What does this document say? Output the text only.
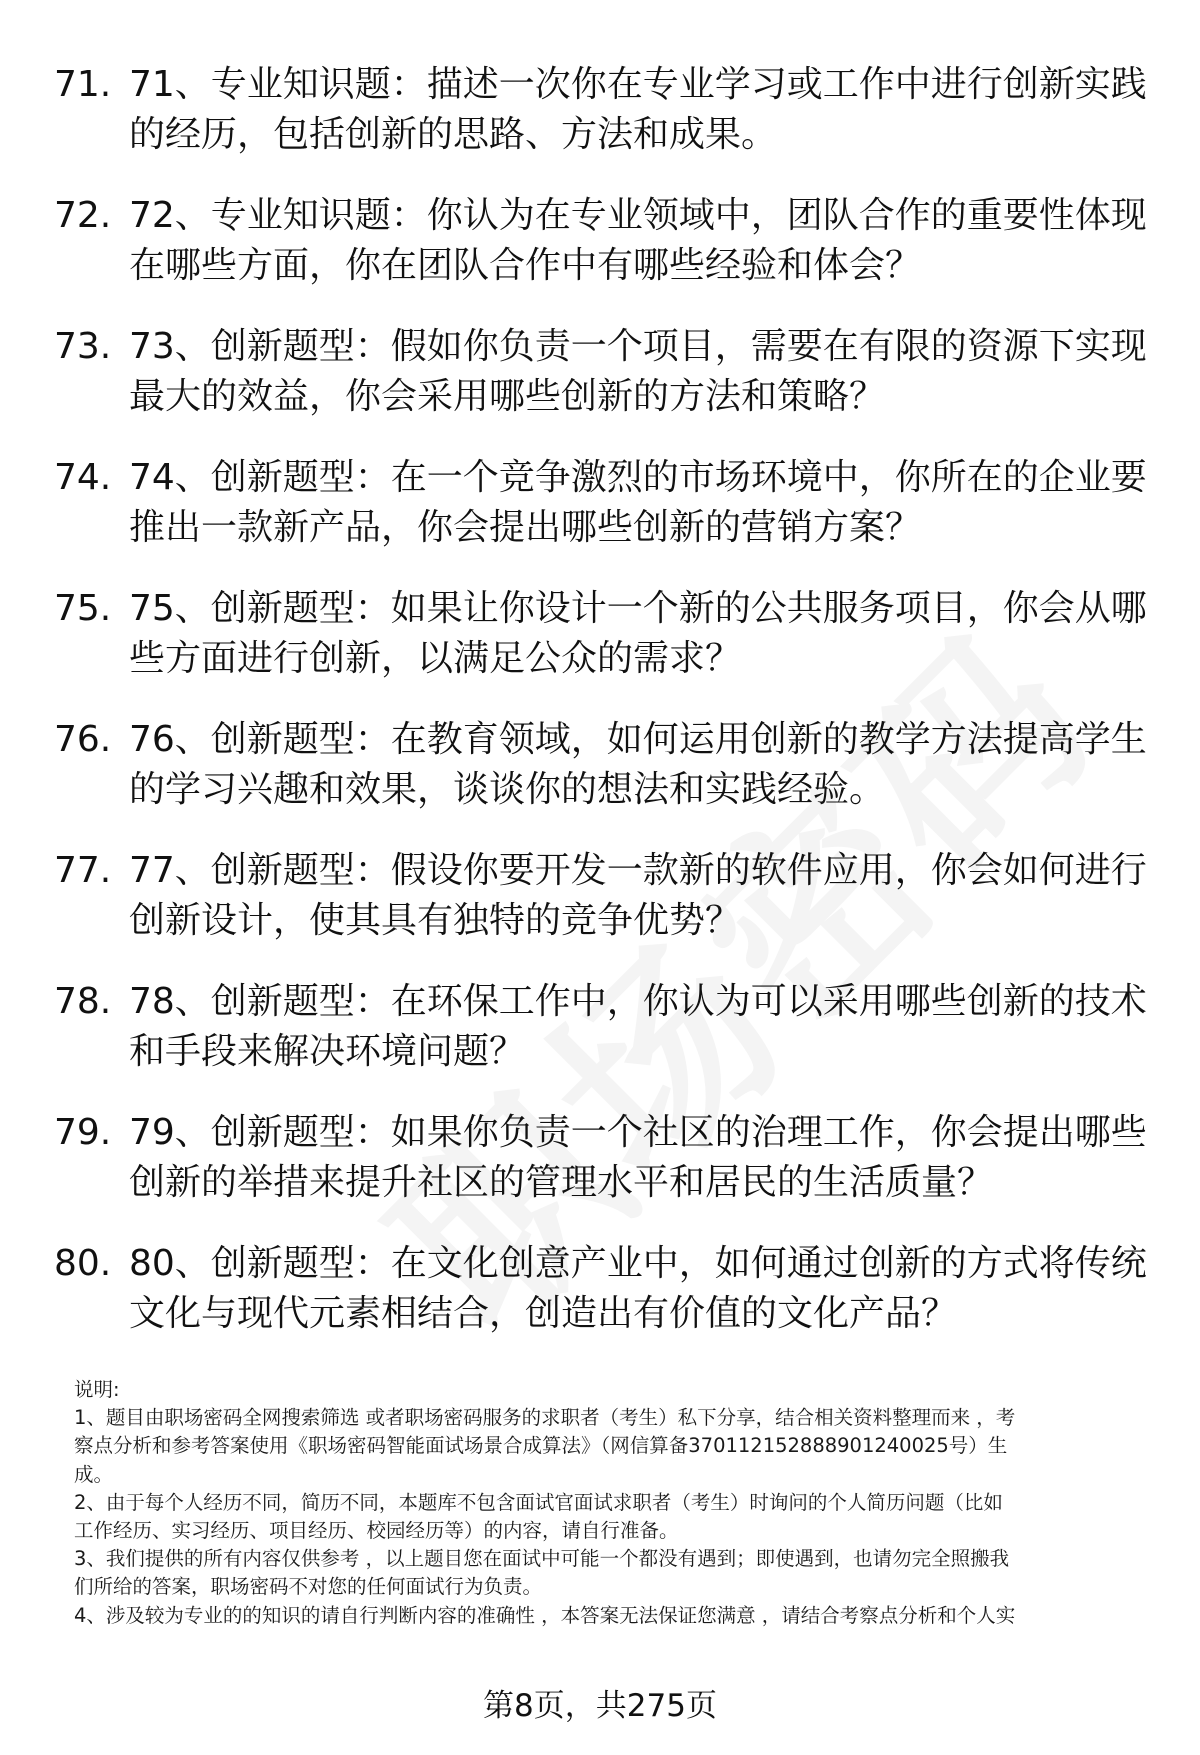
71. 71、专业知识题：描述一次你在专业学习或工作中进行创新实践
的经历，包括创新的思路、方法和成果。
72. 72、专业知识题：你认为在专业领域中，团队合作的重要性体现
在哪些方面，你在团队合作中有哪些经验和体会？
73. 73、创新题型：假如你负责一个项目，需要在有限的资源下实现
最大的效益，你会采用哪些创新的方法和策略？
74. 74、创新题型：在一个竞争激烈的市场环境中，你所在的企业要
推出一款新产品，你会提出哪些创新的营销方案？
75. 75、创新题型：如果让你设计一个新的公共服务项目，你会从哪
些方面进行创新，以满足公众的需求？
76. 76、创新题型：在教育领域，如何运用创新的教学方法提高学生
的学习兴趣和效果，谈谈你的想法和实践经验。
77. 77、创新题型：假设你要开发一款新的软件应用，你会如何进行
创新设计，使其具有独特的竞争优势？
78. 78、创新题型：在环保工作中，你认为可以采用哪些创新的技术
和手段来解决环境问题？
79. 79、创新题型：如果你负责一个社区的治理工作，你会提出哪些
创新的举措来提升社区的管理水平和居民的生活质量？
80. 80、创新题型：在文化创意产业中，如何通过创新的方式将传统
文化与现代元素相结合，创造出有价值的文化产品？

说明:

1、题目由职场密码全网搜索筛选 或者职场密码服务的求职者（考生）私下分享，结合相关资料整理而来 ，考
察点分析和参考答案使用《职场密码智能面试场景合成算法》（网信算备370112152888901240025号）生
成。

2、由于每个人经历不同，简历不同，本题库不包含面试官面试求职者（考生）时询问的个人简历问题（比如
工作经历、实习经历、项目经历、校园经历等）的内容，请自行准备。

3、我们提供的所有内容仅供参考 ，以上题目您在面试中可能一个都没有遇到；即使遇到，也请勿完全照搬我
们所给的答案，职场密码不对您的任何面试行为负责。

4、涉及较为专业的的知识的请自行判断内容的准确性 ，本答案无法保证您满意 ，请结合考察点分析和个人实

第8页，共275页
